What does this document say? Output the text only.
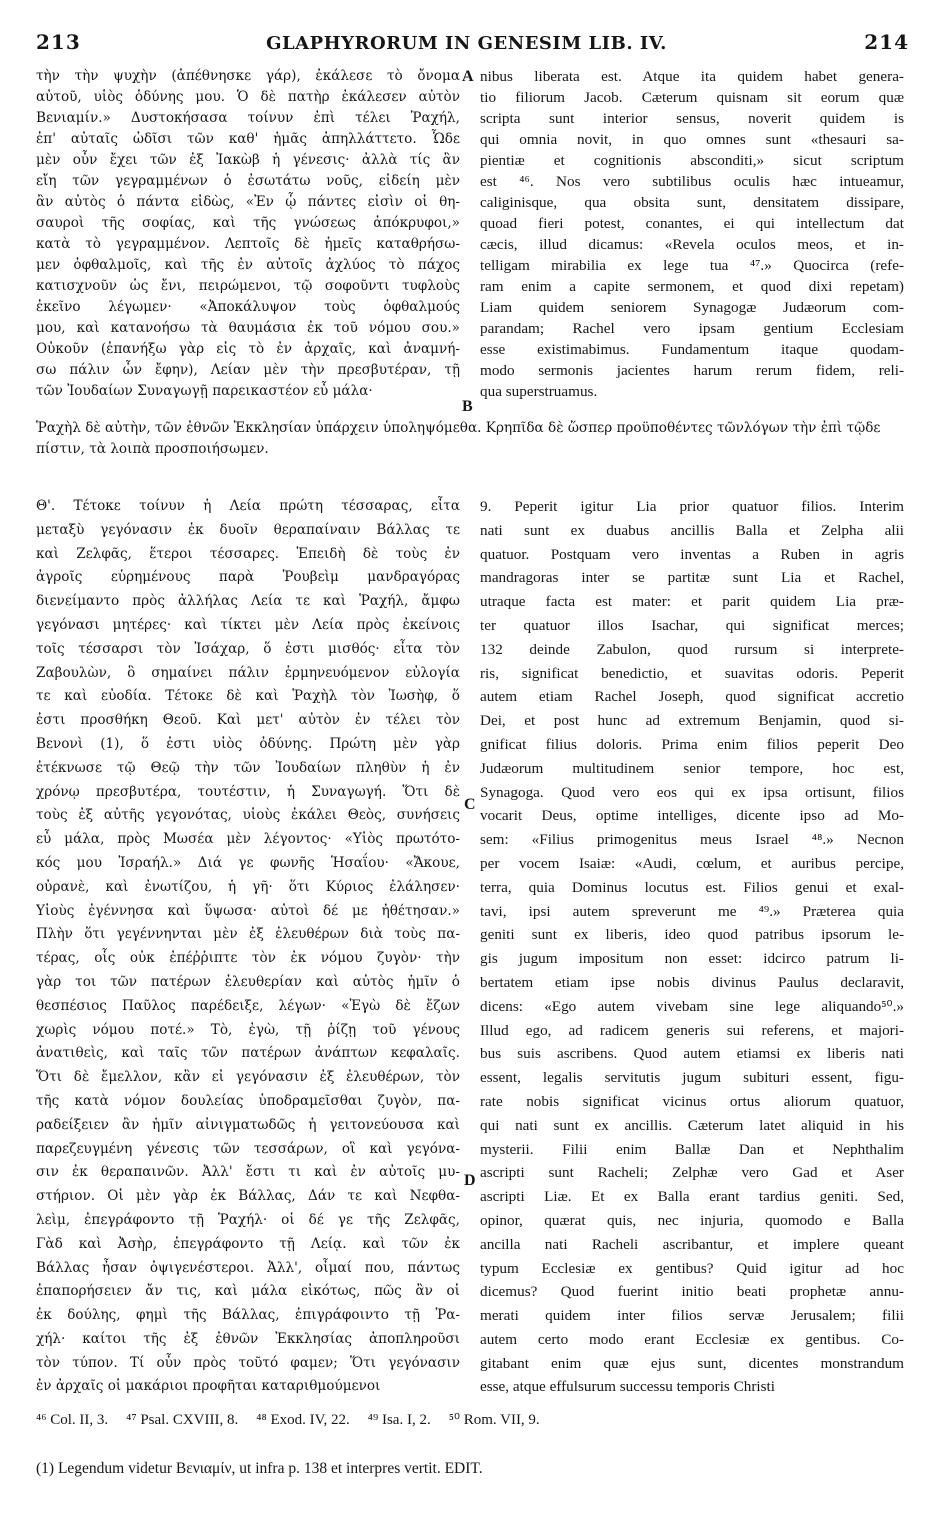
213	GLAPHYRORUM IN GENESIM LIB. IV.	214
τὴν τὴν ψυχὴν (ἀπέθνησκε γάρ), ἐκάλεσε τὸ ὄνομα
αὐτοῦ, υἱὸς ὀδύνης μου. Ὁ δὲ πατὴρ ἐκάλεσεν αὐτὸν
Βενιαμίν.» Δυστοκήσασα τοίνυν ἐπὶ τέλει Ῥαχήλ,
ἐπ' αὐταῖς ὠδῖσι τῶν καθ' ἡμᾶς ἀπηλλάττετο. Ὧδε
μὲν οὖν ἔχει τῶν ἐξ Ἰακὼβ ἡ γένεσις· ἀλλὰ τίς ἂν
εἴη τῶν γεγραμμένων ὁ ἐσωτάτω νοῦς, εἰδείη μὲν
ἂν αὐτὸς ὁ πάντα εἰδὼς, «Ἐν ᾧ πάντες εἰσὶν οἱ θη-
σαυροὶ τῆς σοφίας, καὶ τῆς γνώσεως ἀπόκρυφοι,»
κατὰ τὸ γεγραμμένον. Λεπτοῖς δὲ ἡμεῖς καταθρήσω-
μεν ὀφθαλμοῖς, καὶ τῆς ἐν αὐτοῖς ἀχλύος τὸ πάχος
κατισχνοῦν ὡς ἔνι, πειρώμενοι, τῷ σοφοῦντι τυφλοὺς
ἐκεῖνο λέγωμεν· «Ἀποκάλυψον τοὺς ὀφθαλμούς
μου, καὶ κατανοήσω τὰ θαυμάσια ἐκ τοῦ νόμου σου.»
Οὐκοῦν (ἐπανήξω γὰρ εἰς τὸ ἐν ἀρχαῖς, καὶ ἀναμνή-
σω πάλιν ὧν ἔφην), Λείαν μὲν τὴν πρεσβυτέραν, τῇ
τῶν Ἰουδαίων Συναγωγῇ παρεικαστέον εὖ μάλα·
nibus liberata est. Atque ita quidem habet genera-
tio filiorum Jacob. Cæterum quisnam sit eorum quæ
scripta sunt interior sensus, noverit quidem is
qui omnia novit, in quo omnes sunt «thesauri sa-
pientiæ et cognitionis absconditi,» sicut scriptum
est ⁴⁶. Nos vero subtilibus oculis hæc intueamur,
caliginisque, qua obsita sunt, densitatem dissipare,
quoad fieri potest, conantes, ei qui intellectum dat
cæcis, illud dicamus: «Revela oculos meos, et in-
telligam mirabilia ex lege tua ⁴⁷.» Quocirca (refe-
ram enim a capite sermonem, et quod dixi repetam)
Liam quidem seniorem Synagogæ Judæorum com-
parandam; Rachel vero ipsam gentium Ecclesiam
esse existimabimus. Fundamentum itaque quodam-
modo sermonis jacientes harum rerum fidem, reli-
qua superstruamus.
A
B
Ῥαχὴλ δὲ αὐτὴν, τῶν ἐθνῶν Ἐκκλησίαν ὑπάρχειν ὑποληψόμεθα. Κρηπῖδα δὲ ὥσπερ προϋποθέντες τῶνλόγων τὴν ἐπὶ τῷδε πίστιν, τὰ λοιπὰ προσποιήσωμεν.
Θ'. Τέτοκε τοίνυν ἡ Λεία πρώτη τέσσαρας, εἶτα
μεταξὺ γεγόνασιν ἐκ δυοῖν θεραπαίναιν Βάλλας τε
καὶ Ζελφᾶς, ἕτεροι τέσσαρες. Ἐπειδὴ δὲ τοὺς ἐν
ἀγροῖς εὑρημένους παρὰ Ῥουβεὶμ μανδραγόρας
διενείμαντο πρὸς ἀλλήλας Λεία τε καὶ Ῥαχήλ, ἄμφω
γεγόνασι μητέρες· καὶ τίκτει μὲν Λεία πρὸς ἐκείνοις
τοῖς τέσσαρσι τὸν Ἰσάχαρ, ὅ ἐστι μισθός· εἶτα τὸν
Ζαβουλὼν, ὃ σημαίνει πάλιν ἑρμηνευόμενον εὐλογία
τε καὶ εὐοδία. Τέτοκε δὲ καὶ Ῥαχὴλ τὸν Ἰωσὴφ, ὅ
ἐστι προσθήκη Θεοῦ. Καὶ μετ' αὐτὸν ἐν τέλει τὸν
Βενονὶ (1), ὅ ἐστι υἱὸς ὀδύνης. Πρώτη μὲν γὰρ
ἐτέκνωσε τῷ Θεῷ τὴν τῶν Ἰουδαίων πληθὺν ἡ ἐν
χρόνῳ πρεσβυτέρα, τουτέστιν, ἡ Συναγωγή. Ὅτι δὲ
τοὺς ἐξ αὐτῆς γεγονότας, υἱοὺς ἐκάλει Θεὸς, συνήσεις
εὖ μάλα, πρὸς Μωσέα μὲν λέγοντος· «Υἱὸς πρωτότο-
κός μου Ἰσραήλ.» Διά γε φωνῆς Ἡσαΐου· «Ἄκουε,
οὐρανὲ, καὶ ἐνωτίζου, ἡ γῆ· ὅτι Κύριος ἐλάλησεν·
Υἱοὺς ἐγέννησα καὶ ὕψωσα· αὐτοὶ δέ με ἠθέτησαν.»
Πλὴν ὅτι γεγέννηνται μὲν ἐξ ἐλευθέρων διὰ τοὺς πα-
τέρας, οἷς οὐκ ἐπέῤῥιπτε τὸν ἐκ νόμου ζυγὸν· τὴν
γὰρ τοι τῶν πατέρων ἐλευθερίαν καὶ αὐτὸς ἡμῖν ὁ
θεσπέσιος Παῦλος παρέδειξε, λέγων· «Ἐγὼ δὲ ἔζων
χωρὶς νόμου ποτέ.» Τὸ, ἐγὼ, τῇ ῥίζῃ τοῦ γένους
ἀνατιθεὶς, καὶ ταῖς τῶν πατέρων ἀνάπτων κεφαλαῖς.
Ὅτι δὲ ἔμελλον, κἂν εἰ γεγόνασιν ἐξ ἐλευθέρων, τὸν
τῆς κατὰ νόμον δουλείας ὑποδραμεῖσθαι ζυγὸν, πα-
ραδείξειεν ἂν ἡμῖν αἰνιγματωδῶς ἡ γειτονεύουσα καὶ
παρεζευγμένη γένεσις τῶν τεσσάρων, οἳ καὶ γεγόνα-
σιν ἐκ θεραπαινῶν. Ἀλλ' ἔστι τι καὶ ἐν αὐτοῖς μυ-
στήριον. Οἱ μὲν γὰρ ἐκ Βάλλας, Δάν τε καὶ Νεφθα-
λεὶμ, ἐπεγράφοντο τῇ Ῥαχήλ· οἱ δέ γε τῆς Ζελφᾶς,
Γὰδ καὶ Ἀσὴρ, ἐπεγράφοντο τῇ Λείᾳ. καὶ τῶν ἐκ
Βάλλας ἦσαν ὀψιγενέστεροι. Ἀλλ', οἶμαί που, πάντως
ἐπαπορήσειεν ἄν τις, καὶ μάλα εἰκότως, πῶς ἂν οἱ
ἐκ δούλης, φημὶ τῆς Βάλλας, ἐπιγράφοιντο τῇ Ῥα-
χήλ· καίτοι τῆς ἐξ ἐθνῶν Ἐκκλησίας ἀποπληροῦσι
τὸν τύπον. Τί οὖν πρὸς τοῦτό φαμεν; Ὅτι γεγόνασιν
ἐν ἀρχαῖς οἱ μακάριοι προφῆται καταριθμούμενοι
9. Peperit igitur Lia prior quatuor filios. Interim
nati sunt ex duabus ancillis Balla et Zelpha alii
quatuor. Postquam vero inventas a Ruben in agris
mandragoras inter se partitæ sunt Lia et Rachel,
utraque facta est mater: et parit quidem Lia præ-
ter quatuor illos Isachar, qui significat merces;
132 deinde Zabulon, quod rursum si interprete-
ris, significat benedictio, et suavitas odoris. Peperit
autem etiam Rachel Joseph, quod significat accretio
Dei, et post hunc ad extremum Benjamin, quod si-
gnificat filius doloris. Prima enim filios peperit Deo
Judæorum multitudinem senior tempore, hoc est,
Synagoga. Quod vero eos qui ex ipsa ortisunt, filios
vocarit Deus, optime intelliges, dicente ipso ad Mo-
sem: «Filius primogenitus meus Israel ⁴⁸.» Necnon
per vocem Isaiæ: «Audi, cœlum, et auribus percipe,
terra, quia Dominus locutus est. Filios genui et exal-
tavi, ipsi autem spreverunt me ⁴⁹.» Præterea quia
geniti sunt ex liberis, ideo quod patribus ipsorum le-
gis jugum impositum non esset: idcirco patrum li-
bertatem etiam ipse nobis divinus Paulus declaravit,
dicens: «Ego autem vivebam sine lege aliquando⁵⁰.»
Illud ego, ad radicem generis sui referens, et majori-
bus suis ascribens. Quod autem etiamsi ex liberis nati
essent, legalis servitutis jugum subituri essent, figu-
rate nobis significat vicinus ortus aliorum quatuor,
qui nati sunt ex ancillis. Cæterum latet aliquid in his
mysterii. Filii enim Ballæ Dan et Nephthalim
ascripti sunt Racheli; Zelphæ vero Gad et Aser
ascripti Liæ. Et ex Balla erant tardius geniti. Sed,
opinor, quærat quis, nec injuria, quomodo e Balla
ancilla nati Racheli ascribantur, et implere queant
typum Ecclesiæ ex gentibus? Quid igitur ad hoc
dicemus? Quod fuerint initio beati prophetæ annu-
merati quidem inter filios servæ Jerusalem; filii
autem certo modo erant Ecclesiæ ex gentibus. Co-
gitabant enim quæ ejus sunt, dicentes monstrandum
esse, atque effulsurum successu temporis Christi
C
D
⁴⁶ Col. II, 3. ⁴⁷ Psal. CXVIII, 8. ⁴⁸ Exod. IV, 22. ⁴⁹ Isa. I, 2. ⁵⁰ Rom. VII, 9.
(1) Legendum videtur Βενιαμίν, ut infra p. 138 et interpres vertit. EDIT.
